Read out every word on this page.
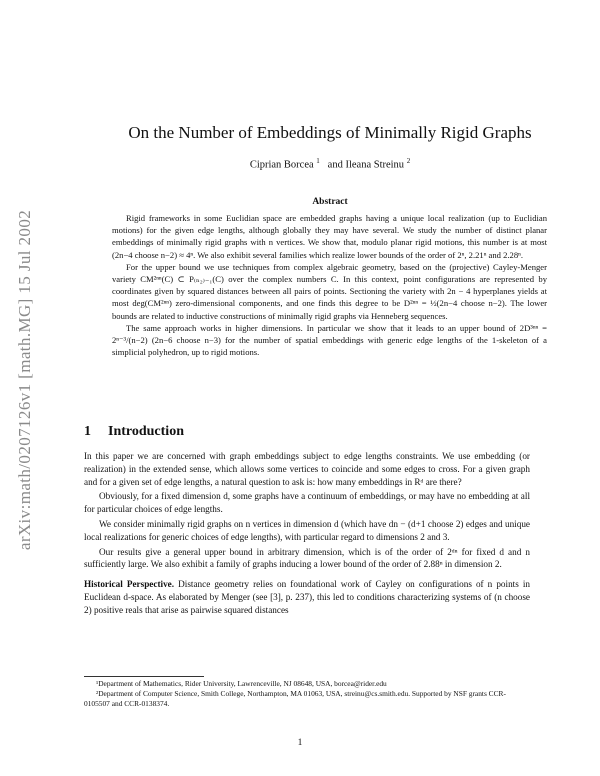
arXiv:math/0207126v1 [math.MG] 15 Jul 2002
On the Number of Embeddings of Minimally Rigid Graphs
Ciprian Borcea $^1$ and Ileana Streinu $^2$
Abstract

Rigid frameworks in some Euclidian space are embedded graphs having a unique local realization (up to Euclidian motions) for the given edge lengths, although globally they may have several. We study the number of distinct planar embeddings of minimally rigid graphs with n vertices. We show that, modulo planar rigid motions, this number is at most (2n−4 choose n−2) ≈ 4ⁿ. We also exhibit several families which realize lower bounds of the order of 2ⁿ, 2.21ⁿ and 2.28ⁿ.

For the upper bound we use techniques from complex algebraic geometry, based on the (projective) Cayley-Menger variety CM²ⁿⁿ(C) ⊂ P₍ₙ₂₎₋₁(C) over the complex numbers C. In this context, point configurations are represented by coordinates given by squared distances between all pairs of points. Sectioning the variety with 2n − 4 hyperplanes yields at most deg(CM²ⁿⁿ) zero-dimensional components, and one finds this degree to be D²ⁿⁿ = ½(2n−4 choose n−2). The lower bounds are related to inductive constructions of minimally rigid graphs via Henneberg sequences.

The same approach works in higher dimensions. In particular we show that it leads to an upper bound of 2D³ⁿⁿ = 2ⁿ⁻³/(n−2) (2n−6 choose n−3) for the number of spatial embeddings with generic edge lengths of the 1-skeleton of a simplicial polyhedron, up to rigid motions.

1 Introduction

In this paper we are concerned with graph embeddings subject to edge lengths constraints. We use embedding (or realization) in the extended sense, which allows some vertices to coincide and some edges to cross. For a given graph and for a given set of edge lengths, a natural question to ask is: how many embeddings in Rᵈ are there?

Obviously, for a fixed dimension d, some graphs have a continuum of embeddings, or may have no embedding at all for particular choices of edge lengths.

We consider minimally rigid graphs on n vertices in dimension d (which have dn − (d+1 choose 2) edges and unique local realizations for generic choices of edge lengths), with particular regard to dimensions 2 and 3.

Our results give a general upper bound in arbitrary dimension, which is of the order of 2ᵈⁿ for fixed d and n sufficiently large. We also exhibit a family of graphs inducing a lower bound of the order of 2.88ⁿ in dimension 2.

Historical Perspective. Distance geometry relies on foundational work of Cayley on configurations of n points in Euclidean d-space. As elaborated by Menger (see [3], p. 237), this led to conditions characterizing systems of (n choose 2) positive reals that arise as pairwise squared distances

¹Department of Mathematics, Rider University, Lawrenceville, NJ 08648, USA, borcea@rider.edu

²Department of Computer Science, Smith College, Northampton, MA 01063, USA, streinu@cs.smith.edu. Supported by NSF grants CCR-0105507 and CCR-0138374.

1
